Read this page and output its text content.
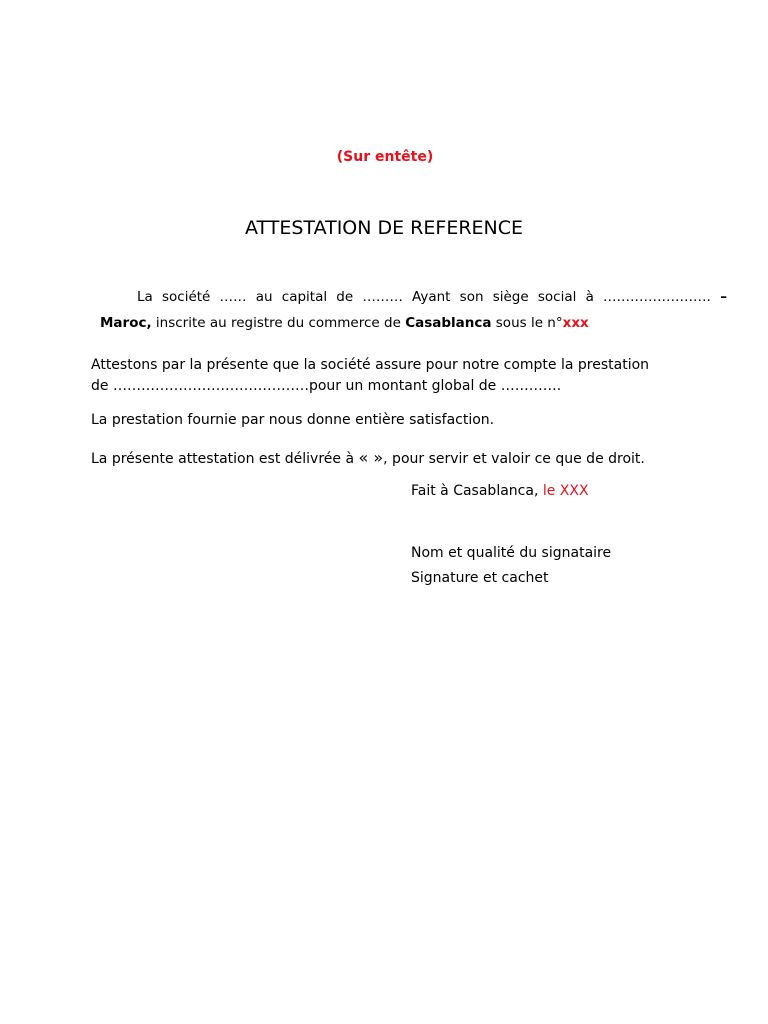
(Sur entête)
ATTESTATION DE REFERENCE
La société …… au capital de ……… Ayant son siège social à …………………… –
Maroc, inscrite au registre du commerce de Casablanca sous le n°xxx
Attestons par la présente que la société assure pour notre compte la prestation
de ……………………………………pour un montant global de ………….
La prestation fournie par nous donne entière satisfaction.
La présente attestation est délivrée à « », pour servir et valoir ce que de droit.
Fait à Casablanca, le XXX
Nom et qualité du signataire
Signature et cachet
